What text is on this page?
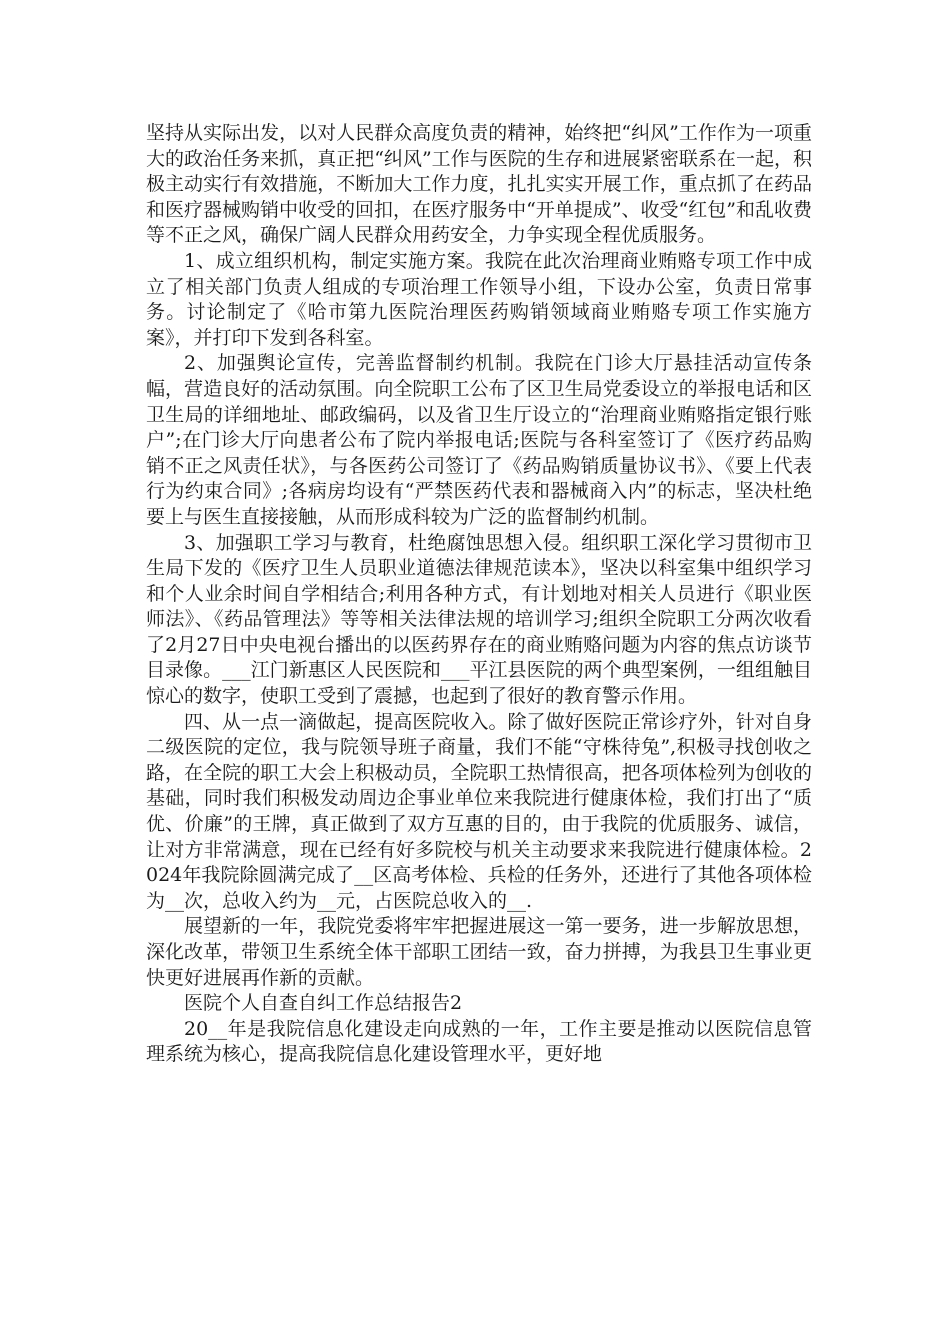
坚持从实际出发，以对人民群众高度负责的精神，始终把“纠风”工作作为一项重大的政治任务来抓，真正把“纠风”工作与医院的生存和进展紧密联系在一起，积极主动实行有效措施，不断加大工作力度，扎扎实实开展工作，重点抓了在药品和医疗器械购销中收受的回扣，在医疗服务中“开单提成”、收受“红包”和乱收费等不正之风，确保广阔人民群众用药安全，力争实现全程优质服务。

1、成立组织机构，制定实施方案。我院在此次治理商业贿赂专项工作中成立了相关部门负责人组成的专项治理工作领导小组，下设办公室，负责日常事务。讨论制定了《哈市第九医院治理医药购销领域商业贿赂专项工作实施方案》，并打印下发到各科室。

2、加强舆论宣传，完善监督制约机制。我院在门诊大厅悬挂活动宣传条幅，营造良好的活动氛围。向全院职工公布了区卫生局党委设立的举报电话和区卫生局的详细地址、邮政编码，以及省卫生厅设立的“治理商业贿赂指定银行账户”;在门诊大厅向患者公布了院内举报电话;医院与各科室签订了《医疗药品购销不正之风责任状》，与各医药公司签订了《药品购销质量协议书》、《要上代表行为约束合同》;各病房均设有“严禁医药代表和器械商入内”的标志，坚决杜绝要上与医生直接接触，从而形成科较为广泛的监督制约机制。

3、加强职工学习与教育，杜绝腐蚀思想入侵。组织职工深化学习贯彻市卫生局下发的《医疗卫生人员职业道德法律规范读本》，坚决以科室集中组织学习和个人业余时间自学相结合;利用各种方式，有计划地对相关人员进行《职业医师法》、《药品管理法》等等相关法律法规的培训学习;组织全院职工分两次收看了2月27日中央电视台播出的以医药界存在的商业贿赂问题为内容的焦点访谈节目录像。___江门新惠区人民医院和___平江县医院的两个典型案例，一组组触目惊心的数字，使职工受到了震撼，也起到了很好的教育警示作用。

四、从一点一滴做起，提高医院收入。除了做好医院正常诊疗外，针对自身二级医院的定位，我与院领导班子商量，我们不能“守株待兔”,积极寻找创收之路，在全院的职工大会上积极动员，全院职工热情很高，把各项体检列为创收的基础，同时我们积极发动周边企事业单位来我院进行健康体检，我们打出了“质优、价廉”的王牌，真正做到了双方互惠的目的，由于我院的优质服务、诚信，让对方非常满意，现在已经有好多院校与机关主动要求来我院进行健康体检。2024年我院除圆满完成了__区高考体检、兵检的任务外，还进行了其他各项体检为__次，总收入约为__元，占医院总收入的__.

展望新的一年，我院党委将牢牢把握进展这一第一要务，进一步解放思想，深化改革，带领卫生系统全体干部职工团结一致，奋力拼搏，为我县卫生事业更快更好进展再作新的贡献。

医院个人自查自纠工作总结报告2

20__年是我院信息化建设走向成熟的一年，工作主要是推动以医院信息管理系统为核心，提高我院信息化建设管理水平，更好地
